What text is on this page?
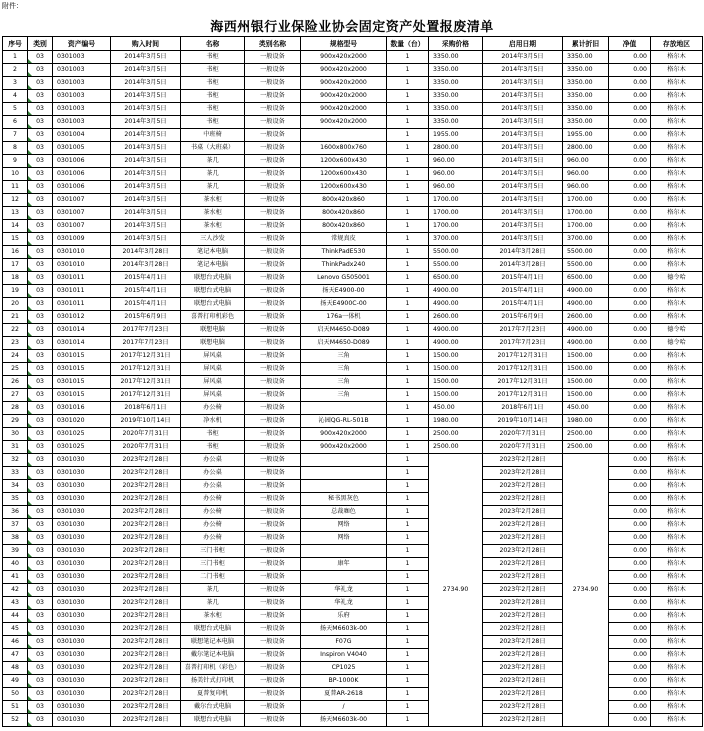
附件：
海西州银行业保险业协会固定资产处置报废清单
序号	类别	资产编号	购入时间	名称	类别名称	规格型号	数量（台）	采购价格	启用日期	累计折旧	净值	存放地区
1	03	0301003	2014年3月5日	书柜	一般设备	900x420x2000	1	3350.00	2014年3月5日	3350.00	0.00	格尔木
2	03	0301003	2014年3月5日	书柜	一般设备	900x420x2000	1	3350.00	2014年3月5日	3350.00	0.00	格尔木
3	03	0301003	2014年3月5日	书柜	一般设备	900x420x2000	1	3350.00	2014年3月5日	3350.00	0.00	格尔木
4	03	0301003	2014年3月5日	书柜	一般设备	900x420x2000	1	3350.00	2014年3月5日	3350.00	0.00	格尔木
5	03	0301003	2014年3月5日	书柜	一般设备	900x420x2000	1	3350.00	2014年3月5日	3350.00	0.00	格尔木
6	03	0301003	2014年3月5日	书柜	一般设备	900x420x2000	1	3350.00	2014年3月5日	3350.00	0.00	格尔木
7	03	0301004	2014年3月5日	中班椅	一般设备		1	1955.00	2014年3月5日	1955.00	0.00	格尔木
8	03	0301005	2014年3月5日	书桌（大班桌）	一般设备	1600x800x760	1	2800.00	2014年3月5日	2800.00	0.00	格尔木
9	03	0301006	2014年3月5日	茶几	一般设备	1200x600x430	1	960.00	2014年3月5日	960.00	0.00	格尔木
10	03	0301006	2014年3月5日	茶几	一般设备	1200x600x430	1	960.00	2014年3月5日	960.00	0.00	格尔木
11	03	0301006	2014年3月5日	茶几	一般设备	1200x600x430	1	960.00	2014年3月5日	960.00	0.00	格尔木
12	03	0301007	2014年3月5日	茶水柜	一般设备	800x420x860	1	1700.00	2014年3月5日	1700.00	0.00	格尔木
13	03	0301007	2014年3月5日	茶水柜	一般设备	800x420x860	1	1700.00	2014年3月5日	1700.00	0.00	格尔木
14	03	0301007	2014年3月5日	茶水柜	一般设备	800x420x860	1	1700.00	2014年3月5日	1700.00	0.00	格尔木
15	03	0301009	2014年3月5日	三人沙发	一般设备	常规真皮	1	3700.00	2014年3月5日	3700.00	0.00	格尔木
16	03	0301010	2014年3月28日	笔记本电脑	一般设备	ThinkPadE530	1	5500.00	2014年3月28日	5500.00	0.00	格尔木
17	03	0301010	2014年3月28日	笔记本电脑	一般设备	ThinkPadx240	1	5500.00	2014年3月28日	5500.00	0.00	格尔木
18	03	0301011	2015年4月1日	联想台式电脑	一般设备	Lenovo G505001	1	6500.00	2015年4月1日	6500.00	0.00	德令哈
19	03	0301011	2015年4月1日	联想台式电脑	一般设备	扬天E4900-00	1	4900.00	2015年4月1日	4900.00	0.00	格尔木
20	03	0301011	2015年4月1日	联想台式电脑	一般设备	扬天E4900C-00	1	4900.00	2015年4月1日	4900.00	0.00	格尔木
21	03	0301012	2015年6月9日	喜普打印机彩色	一般设备	176a一体机	1	2600.00	2015年6月9日	2600.00	0.00	格尔木
22	03	0301014	2017年7月23日	联想电脑	一般设备	启天M4650-D089	1	4900.00	2017年7月23日	4900.00	0.00	德令哈
23	03	0301014	2017年7月23日	联想电脑	一般设备	启天M4650-D089	1	4900.00	2017年7月23日	4900.00	0.00	德令哈
24	03	0301015	2017年12月31日	屏风桌	一般设备	三角	1	1500.00	2017年12月31日	1500.00	0.00	格尔木
25	03	0301015	2017年12月31日	屏风桌	一般设备	三角	1	1500.00	2017年12月31日	1500.00	0.00	格尔木
26	03	0301015	2017年12月31日	屏风桌	一般设备	三角	1	1500.00	2017年12月31日	1500.00	0.00	格尔木
27	03	0301015	2017年12月31日	屏风桌	一般设备	三角	1	1500.00	2017年12月31日	1500.00	0.00	格尔木
28	03	0301016	2018年6月1日	办公椅	一般设备		1	450.00	2018年6月1日	450.00	0.00	格尔木
29	03	0301020	2019年10月14日	净水机	一般设备	沁园QG-RL-501B	1	1980.00	2019年10月14日	1980.00	0.00	格尔木
30	03	0301025	2020年7月31日	书柜	一般设备	900x420x2000	1	2500.00	2020年7月31日	2500.00	0.00	格尔木
31	03	0301025	2020年7月31日	书柜	一般设备	900x420x2000	1	2500.00	2020年7月31日	2500.00	0.00	格尔木
32	03	0301030	2023年2月28日	办公桌	一般设备		1	2734.90	2023年2月28日	2734.90	0.00	格尔木
33	03	0301030	2023年2月28日	办公桌	一般设备		1		2023年2月28日		0.00	格尔木
34	03	0301030	2023年2月28日	办公桌	一般设备		1		2023年2月28日		0.00	格尔木
35	03	0301030	2023年2月28日	办公椅	一般设备	秘书黑灰色	1		2023年2月28日		0.00	格尔木
36	03	0301030	2023年2月28日	办公椅	一般设备	总裁咖色	1		2023年2月28日		0.00	格尔木
37	03	0301030	2023年2月28日	办公椅	一般设备	网络	1		2023年2月28日		0.00	格尔木
38	03	0301030	2023年2月28日	办公椅	一般设备	网络	1		2023年2月28日		0.00	格尔木
39	03	0301030	2023年2月28日	三门书柜	一般设备		1		2023年2月28日		0.00	格尔木
40	03	0301030	2023年2月28日	三门书柜	一般设备	康年	1		2023年2月28日		0.00	格尔木
41	03	0301030	2023年2月28日	二门书柜	一般设备		1		2023年2月28日		0.00	格尔木
42	03	0301030	2023年2月28日	茶几	一般设备	华礼龙	1		2023年2月28日		0.00	格尔木
43	03	0301030	2023年2月28日	茶几	一般设备	华礼龙	1		2023年2月28日		0.00	格尔木
44	03	0301030	2023年2月28日	茶水柜	一般设备	乐府	1		2023年2月28日		0.00	格尔木
45	03	0301030	2023年2月28日	联想台式电脑	一般设备	扬天M6603k-00	1		2023年2月28日		0.00	格尔木
46	03	0301030	2023年2月28日	联想笔记本电脑	一般设备	F07G	1		2023年2月28日		0.00	格尔木
47	03	0301030	2023年2月28日	戴尔笔记本电脑	一般设备	Inspiron V4040	1		2023年2月28日		0.00	格尔木
48	03	0301030	2023年2月28日	喜普打印机（彩色）	一般设备	CP1025	1		2023年2月28日		0.00	格尔木
49	03	0301030	2023年2月28日	扬美针式打印机	一般设备	BP-1000K	1		2023年2月28日		0.00	格尔木
50	03	0301030	2023年2月28日	夏普复印机	一般设备	夏普AR-2618	1		2023年2月28日		0.00	格尔木
51	03	0301030	2023年2月28日	戴尔台式电脑	一般设备	/	1		2023年2月28日		0.00	格尔木
52	03	0301030	2023年2月28日	联想台式电脑	一般设备	扬天M6603k-00	1		2023年2月28日		0.00	格尔木
